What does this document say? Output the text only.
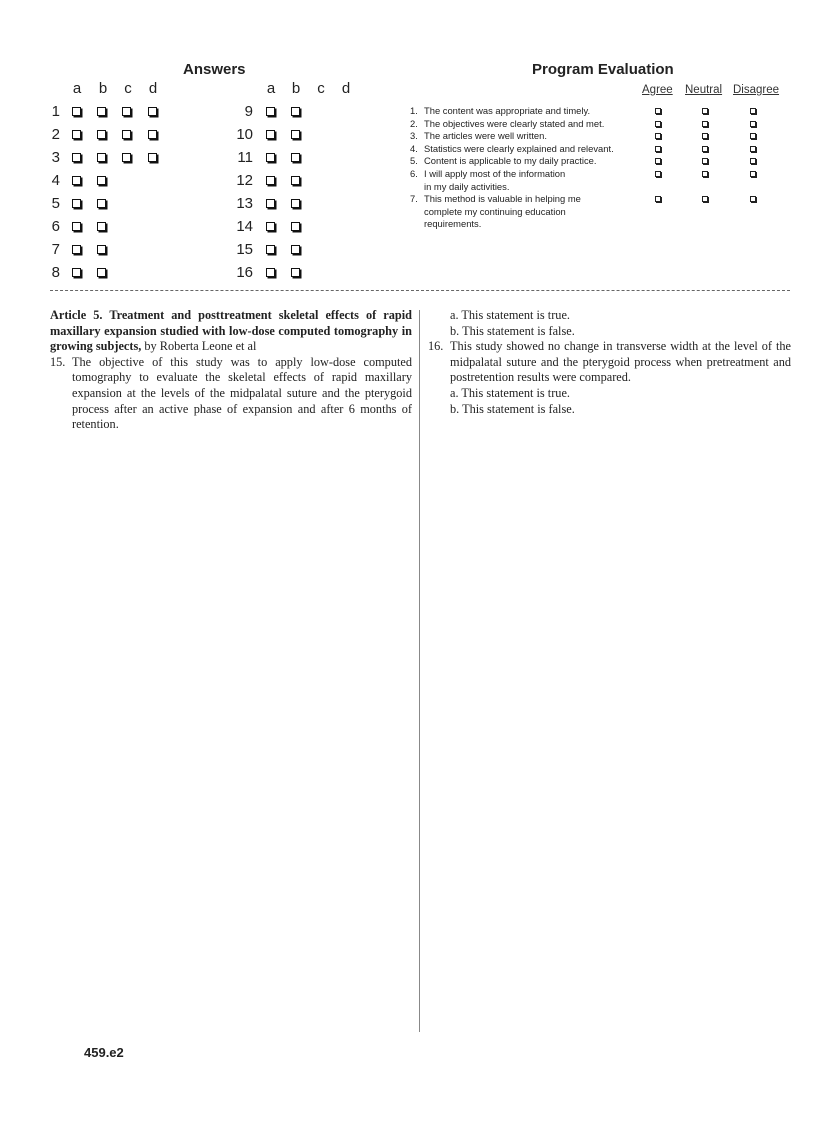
Answers
a b c d	a b c d
1
2
3
4
5
6
7
8
9
10
11
12
13
14
15
16
Program Evaluation
Agree Neutral Disagree
1. The content was appropriate and timely.
2. The objectives were clearly stated and met.
3. The articles were well written.
4. Statistics were clearly explained and relevant.
5. Content is applicable to my daily practice.
6. I will apply most of the information
in my daily activities.
7. This method is valuable in helping me
complete my continuing education
requirements.

Article 5. Treatment and posttreatment skeletal effects of rapid maxillary expansion studied with low-dose computed tomography in growing subjects, by Roberta Leone et al

15. The objective of this study was to apply low-dose computed tomography to evaluate the skeletal effects of rapid maxillary expansion at the levels of the midpalatal suture and the pterygoid process after an active phase of expansion and after 6 months of retention.
a. This statement is true.
b. This statement is false.
16. This study showed no change in transverse width at the level of the midpalatal suture and the pterygoid process when pretreatment and postretention results were compared.
a. This statement is true.
b. This statement is false.
459.e2
